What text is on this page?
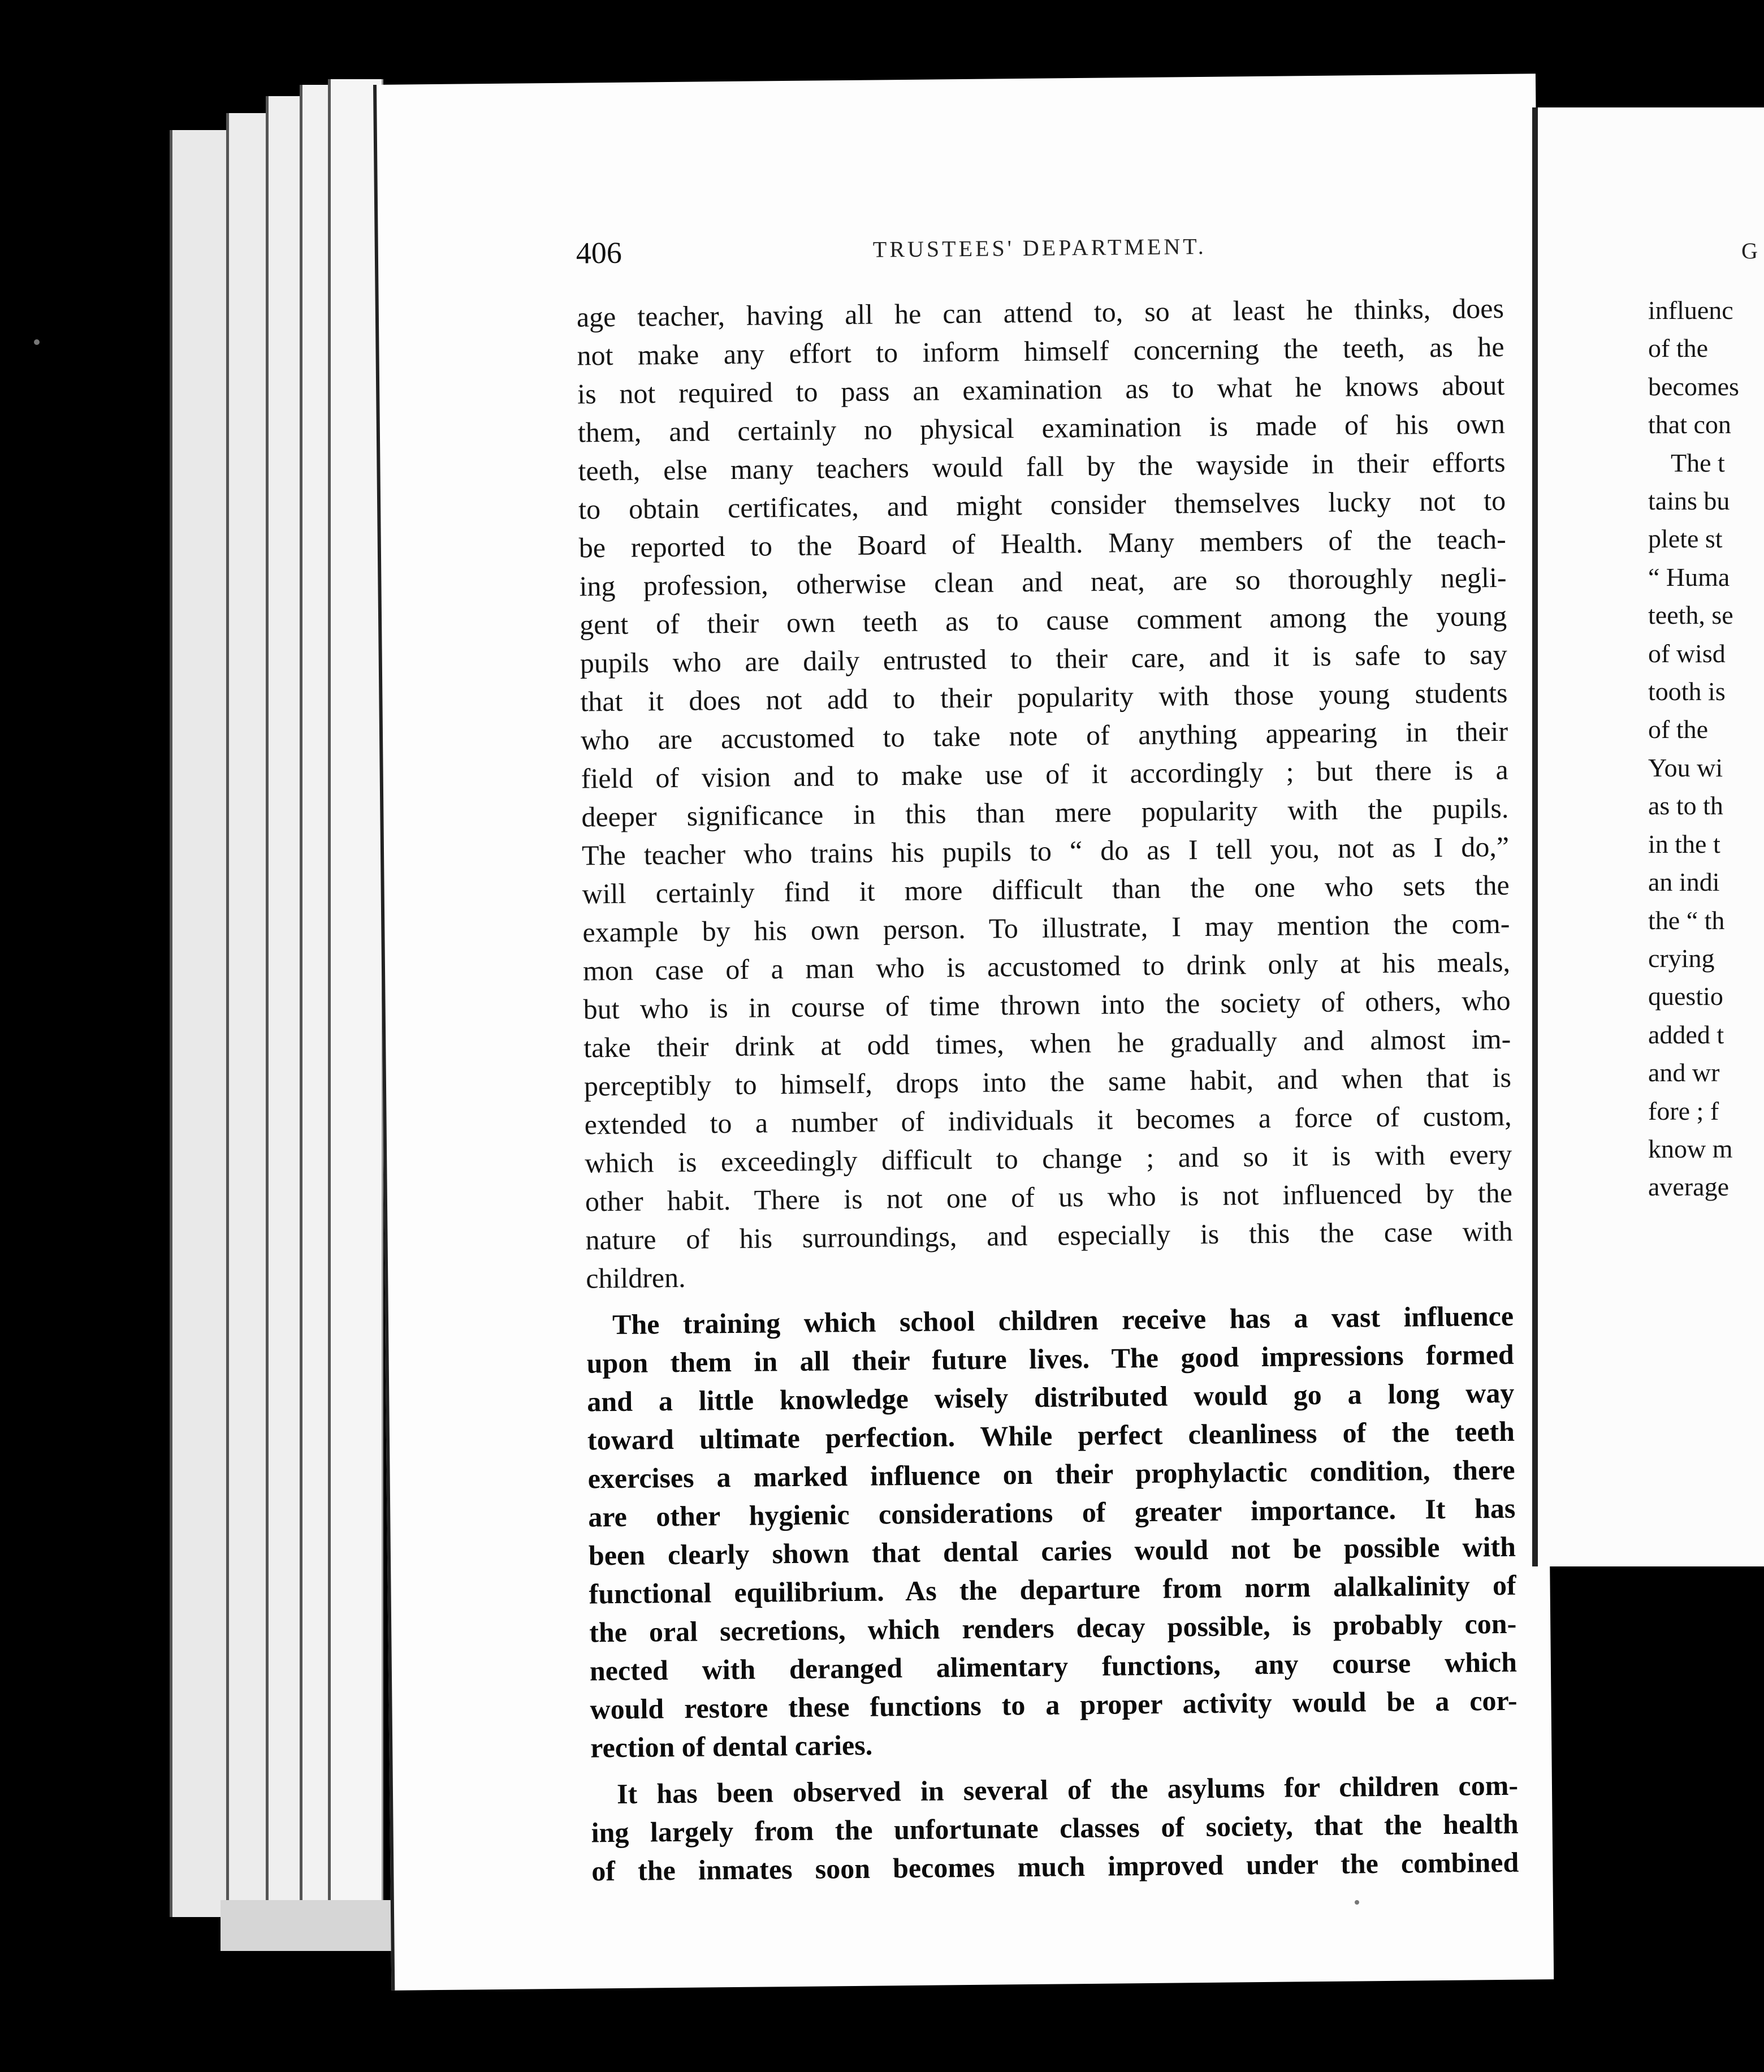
406	TRUSTEES' DEPARTMENT.

age teacher, having all he can attend to, so at least he thinks, does
not make any effort to inform himself concerning the teeth, as he
is not required to pass an examination as to what he knows about
them, and certainly no physical examination is made of his own
teeth, else many teachers would fall by the wayside in their efforts
to obtain certificates, and might consider themselves lucky not to
be reported to the Board of Health. Many members of the teach-
ing profession, otherwise clean and neat, are so thoroughly negli-
gent of their own teeth as to cause comment among the young
pupils who are daily entrusted to their care, and it is safe to say
that it does not add to their popularity with those young students
who are accustomed to take note of anything appearing in their
field of vision and to make use of it accordingly ; but there is a
deeper significance in this than mere popularity with the pupils.
The teacher who trains his pupils to “ do as I tell you, not as I do,”
will certainly find it more difficult than the one who sets the
example by his own person. To illustrate, I may mention the com-
mon case of a man who is accustomed to drink only at his meals,
but who is in course of time thrown into the society of others, who
take their drink at odd times, when he gradually and almost im-
perceptibly to himself, drops into the same habit, and when that is
extended to a number of individuals it becomes a force of custom,
which is exceedingly difficult to change ; and so it is with every
other habit. There is not one of us who is not influenced by the
nature of his surroundings, and especially is this the case with
children.

The training which school children receive has a vast influence
upon them in all their future lives. The good impressions formed
and a little knowledge wisely distributed would go a long way
toward ultimate perfection. While perfect cleanliness of the teeth
exercises a marked influence on their prophylactic condition, there
are other hygienic considerations of greater importance. It has
been clearly shown that dental caries would not be possible with
functional equilibrium. As the departure from norm alalkalinity of
the oral secretions, which renders decay possible, is probably con-
nected with deranged alimentary functions, any course which
would restore these functions to a proper activity would be a cor-
rection of dental caries.

It has been observed in several of the asylums for children com-
ing largely from the unfortunate classes of society, that the health
of the inmates soon becomes much improved under the combined

G
influenc
of the
becomes
that con
The t
tains bu
plete st
“ Huma
teeth, se
of wisd
tooth is
of the
You wi
as to th
in the t
an indi
the “ th
crying
questio
added t
and wr
fore ; f
know m
average
